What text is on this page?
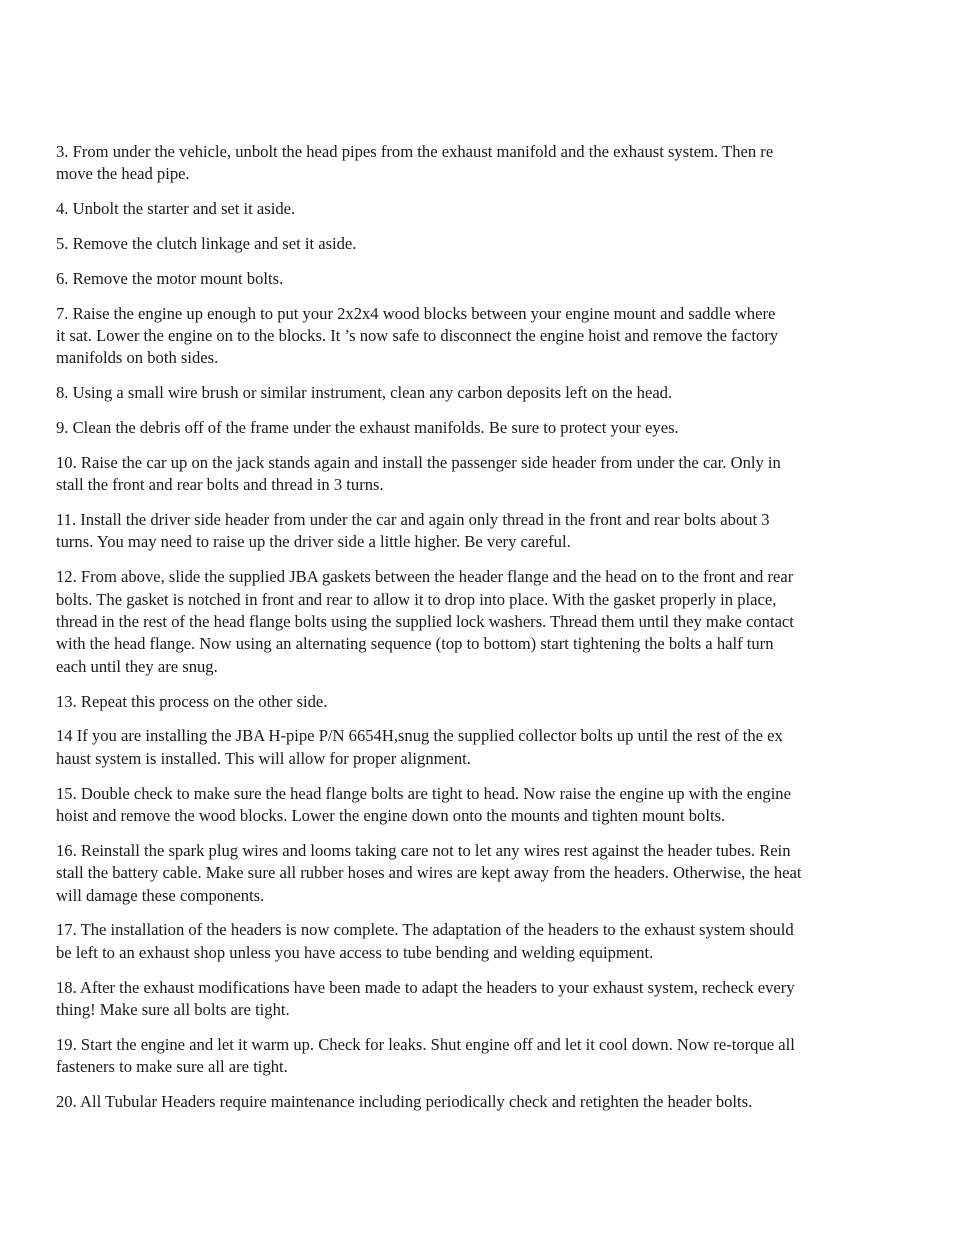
3. From under the vehicle, unbolt the head pipes from the exhaust manifold and the exhaust system. Then re
move the head pipe.
4. Unbolt the starter and set it aside.
5. Remove the clutch linkage and set it aside.
6. Remove the motor mount bolts.
7. Raise the engine up enough to put your 2x2x4 wood blocks between your engine mount and saddle where
it sat. Lower the engine on to the blocks. It ’s now safe to disconnect the engine hoist and remove the factory
manifolds on both sides.
8. Using a small wire brush or similar instrument, clean any carbon deposits left on the head.
9. Clean the debris off of the frame under the exhaust manifolds. Be sure to protect your eyes.
10. Raise the car up on the jack stands again and install the passenger side header from under the car. Only in
stall the front and rear bolts and thread in 3 turns.
11. Install the driver side header from under the car and again only thread in the front and rear bolts about 3
turns. You may need to raise up the driver side a little higher. Be very careful.
12. From above, slide the supplied JBA gaskets between the header flange and the head on to the front and rear
bolts. The gasket is notched in front and rear to allow it to drop into place. With the gasket properly in place,
thread in the rest of the head flange bolts using the supplied lock washers. Thread them until they make contact
with the head flange. Now using an alternating sequence (top to bottom) start tightening the bolts a half turn
each until they are snug.
13. Repeat this process on the other side.
14 If you are installing the JBA H-pipe P/N 6654H,snug the supplied collector bolts up until the rest of the ex
haust system is installed. This will allow for proper alignment.
15. Double check to make sure the head flange bolts are tight to head. Now raise the engine up with the engine
hoist and remove the wood blocks. Lower the engine down onto the mounts and tighten mount bolts.
16. Reinstall the spark plug wires and looms taking care not to let any wires rest against the header tubes. Rein
stall the battery cable. Make sure all rubber hoses and wires are kept away from the headers. Otherwise, the heat
will damage these components.
17. The installation of the headers is now complete. The adaptation of the headers to the exhaust system should
be left to an exhaust shop unless you have access to tube bending and welding equipment.
18. After the exhaust modifications have been made to adapt the headers to your exhaust system, recheck every
thing! Make sure all bolts are tight.
19. Start the engine and let it warm up. Check for leaks. Shut engine off and let it cool down. Now re-torque all
fasteners to make sure all are tight.
20. All Tubular Headers require maintenance including periodically check and retighten the header bolts.
